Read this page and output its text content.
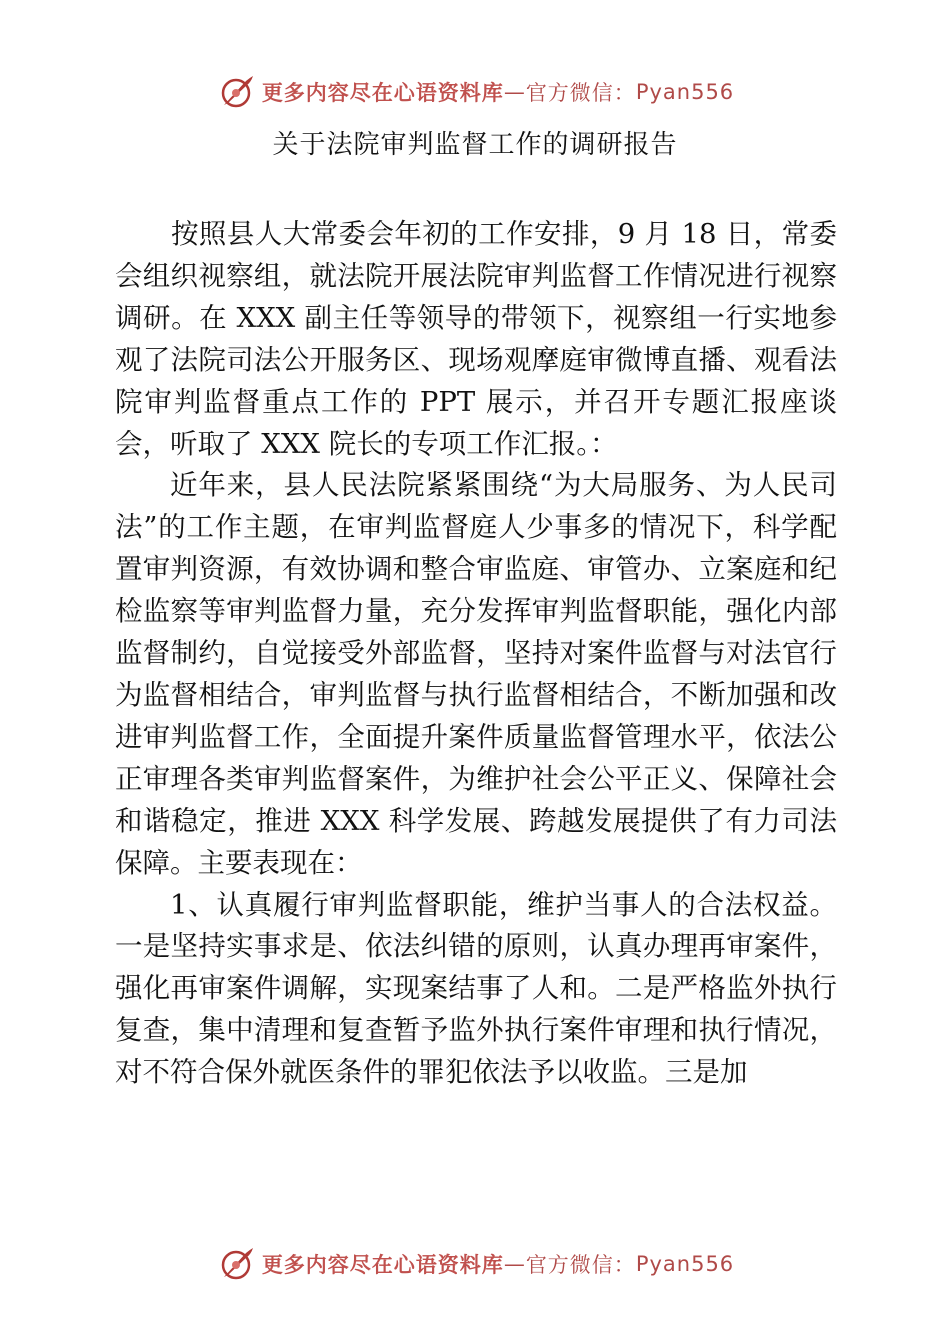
更多内容尽在心语资料库 — 官方微信： Pyan556
关于法院审判监督工作的调研报告

按照县人大常委会年初的工作安排，9 月 18 日，常委会组织视察组，就法院开展法院审判监督工作情况进行视察调研。在 XXX 副主任等领导的带领下，视察组一行实地参观了法院司法公开服务区、现场观摩庭审微博直播、观看法院审判监督重点工作的 PPT 展示，并召开专题汇报座谈会，听取了 XXX 院长的专项工作汇报。：

近年来，县人民法院紧紧围绕“为大局服务、为人民司法”的工作主题，在审判监督庭人少事多的情况下，科学配置审判资源，有效协调和整合审监庭、审管办、立案庭和纪检监察等审判监督力量，充分发挥审判监督职能，强化内部监督制约，自觉接受外部监督，坚持对案件监督与对法官行为监督相结合，审判监督与执行监督相结合，不断加强和改进审判监督工作，全面提升案件质量监督管理水平，依法公正审理各类审判监督案件，为维护社会公平正义、保障社会和谐稳定，推进 XXX 科学发展、跨越发展提供了有力司法保障。主要表现在：

1、认真履行审判监督职能，维护当事人的合法权益。一是坚持实事求是、依法纠错的原则，认真办理再审案件，强化再审案件调解，实现案结事了人和。二是严格监外执行复查，集中清理和复查暂予监外执行案件审理和执行情况，对不符合保外就医条件的罪犯依法予以收监。三是加

更多内容尽在心语资料库 — 官方微信： Pyan556
